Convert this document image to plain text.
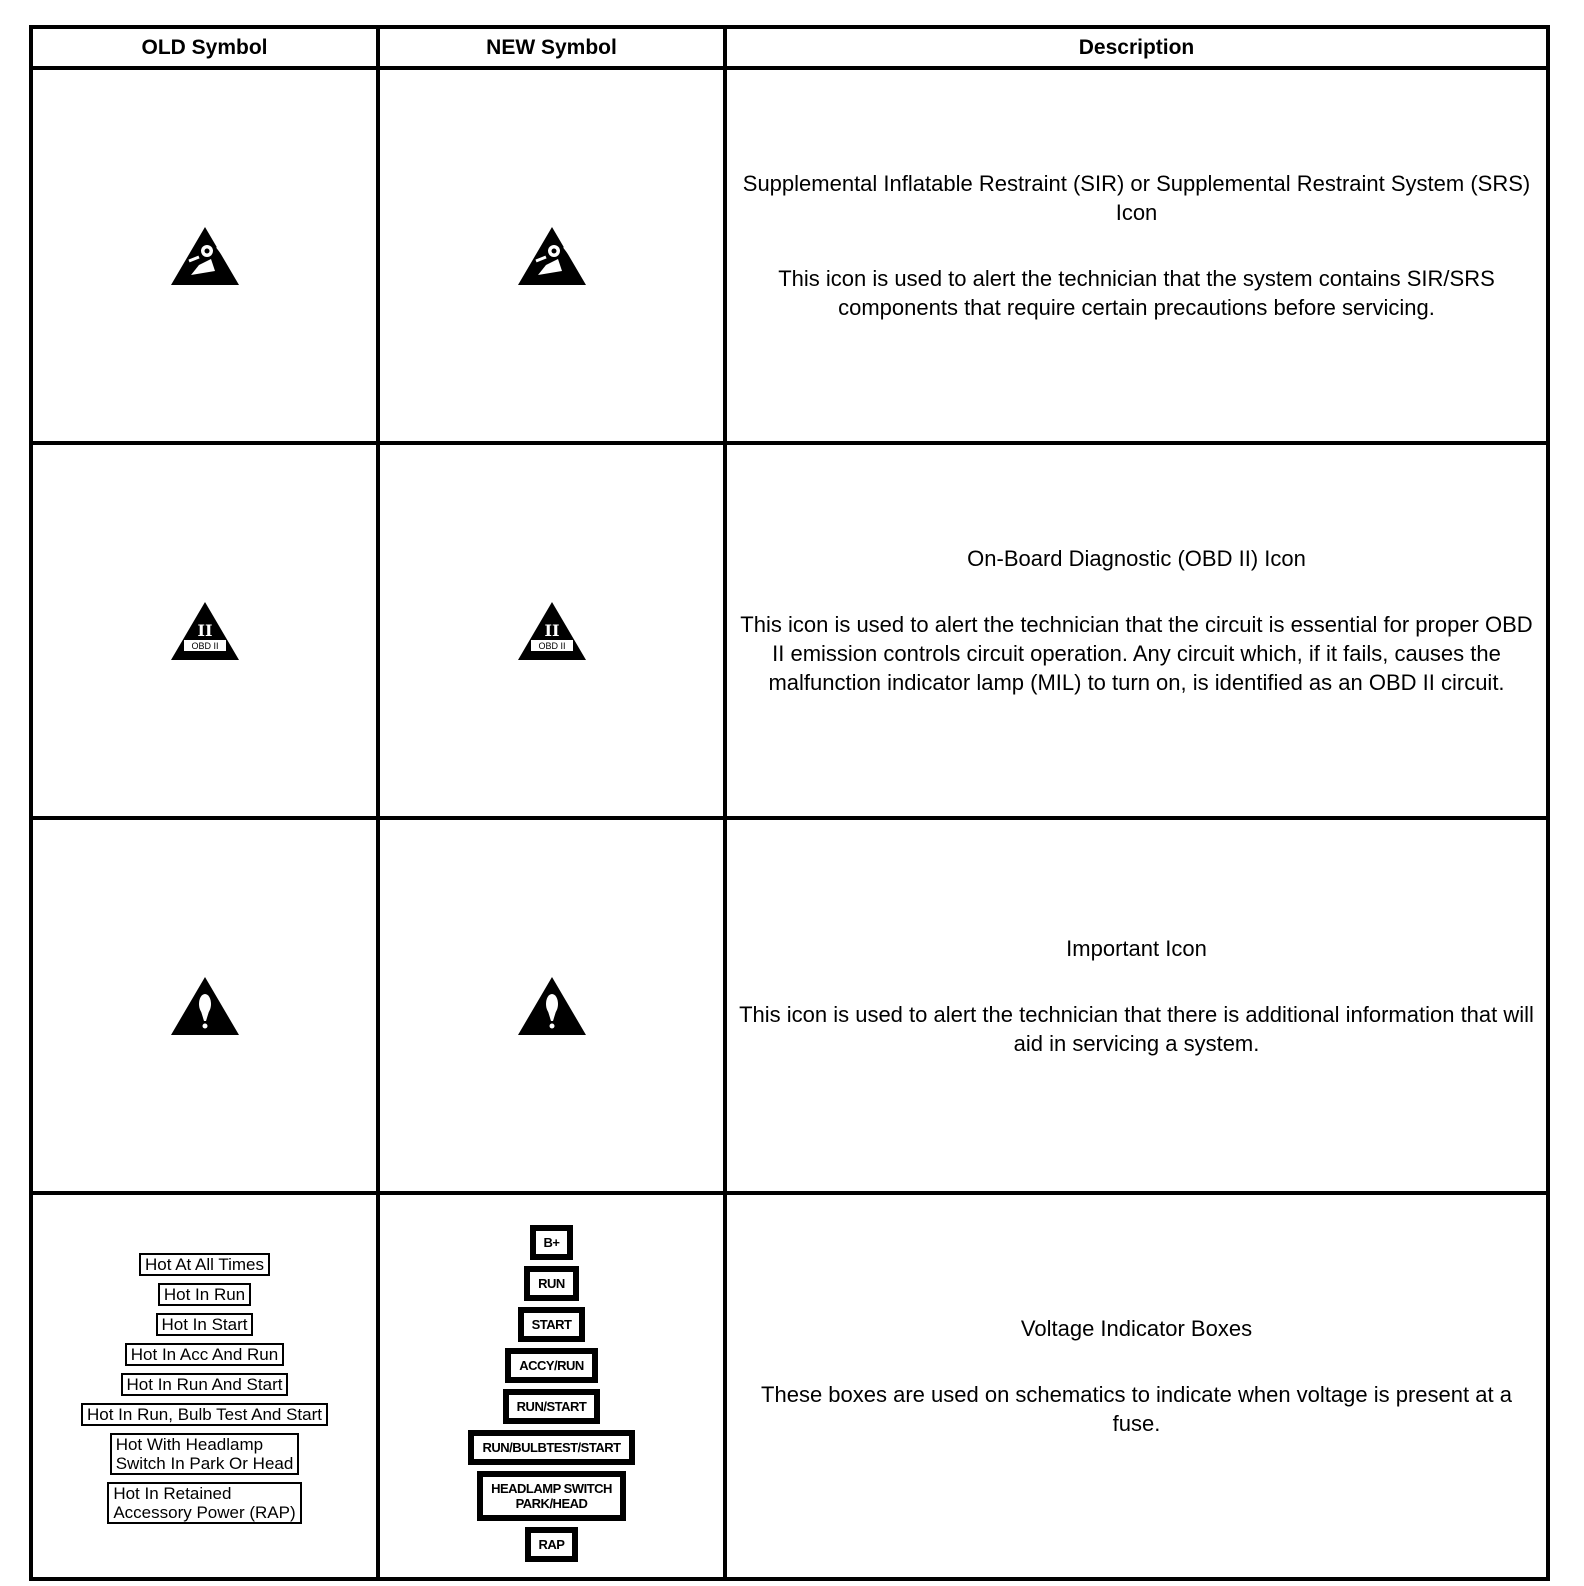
OLD Symbol	NEW Symbol	Description

Supplemental Inflatable Restraint (SIR) or Supplemental Restraint System (SRS) Icon

This icon is used to alert the technician that the system contains SIR/SRS components that require certain precautions before servicing.

II
OBD II
II
OBD II

On-Board Diagnostic (OBD II) Icon

This icon is used to alert the technician that the circuit is essential for proper OBD II emission controls circuit operation. Any circuit which, if it fails, causes the malfunction indicator lamp (MIL) to turn on, is identified as an OBD II circuit.

Important Icon

This icon is used to alert the technician that there is additional information that will aid in servicing a system.

Hot At All Times
Hot In Run
Hot In Start
Hot In Acc And Run
Hot In Run And Start
Hot In Run, Bulb Test And Start
Hot With Headlamp
Switch In Park Or Head
Hot In Retained
Accessory Power (RAP)
B+
RUN
START
ACCY/RUN
RUN/START
RUN/BULBTEST/START
HEADLAMP SWITCH
PARK/HEAD
RAP

Voltage Indicator Boxes

These boxes are used on schematics to indicate when voltage is present at a fuse.
